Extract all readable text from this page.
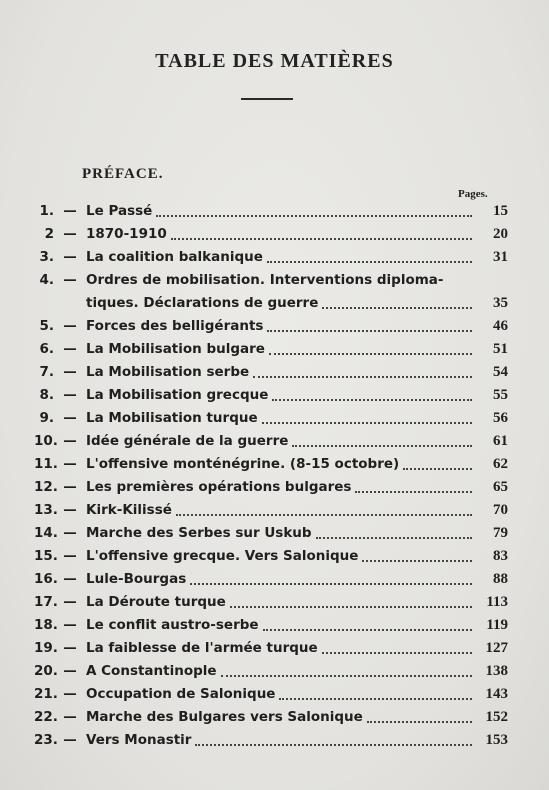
TABLE DES MATIÈRES
PRÉFACE.
Pages.
1. — Le Passé	15
2 — 1870-1910	20
3. — La coalition balkanique	31
4. — Ordres de mobilisation. Interventions diploma-
tiques. Déclarations de guerre	35
5. — Forces des belligérants	46
6. — La Mobilisation bulgare	51
7. — La Mobilisation serbe	54
8. — La Mobilisation grecque	55
9. — La Mobilisation turque	56
10. — Idée générale de la guerre	61
11. — L'offensive monténégrine. (8-15 octobre)	62
12. — Les premières opérations bulgares	65
13. — Kirk-Kilissé	70
14. — Marche des Serbes sur Uskub	79
15. — L'offensive grecque. Vers Salonique	83
16. — Lule-Bourgas	88
17. — La Déroute turque	113
18. — Le conflit austro-serbe	119
19. — La faiblesse de l'armée turque	127
20. — A Constantinople	138
21. — Occupation de Salonique	143
22. — Marche des Bulgares vers Salonique	152
23. — Vers Monastir	153
